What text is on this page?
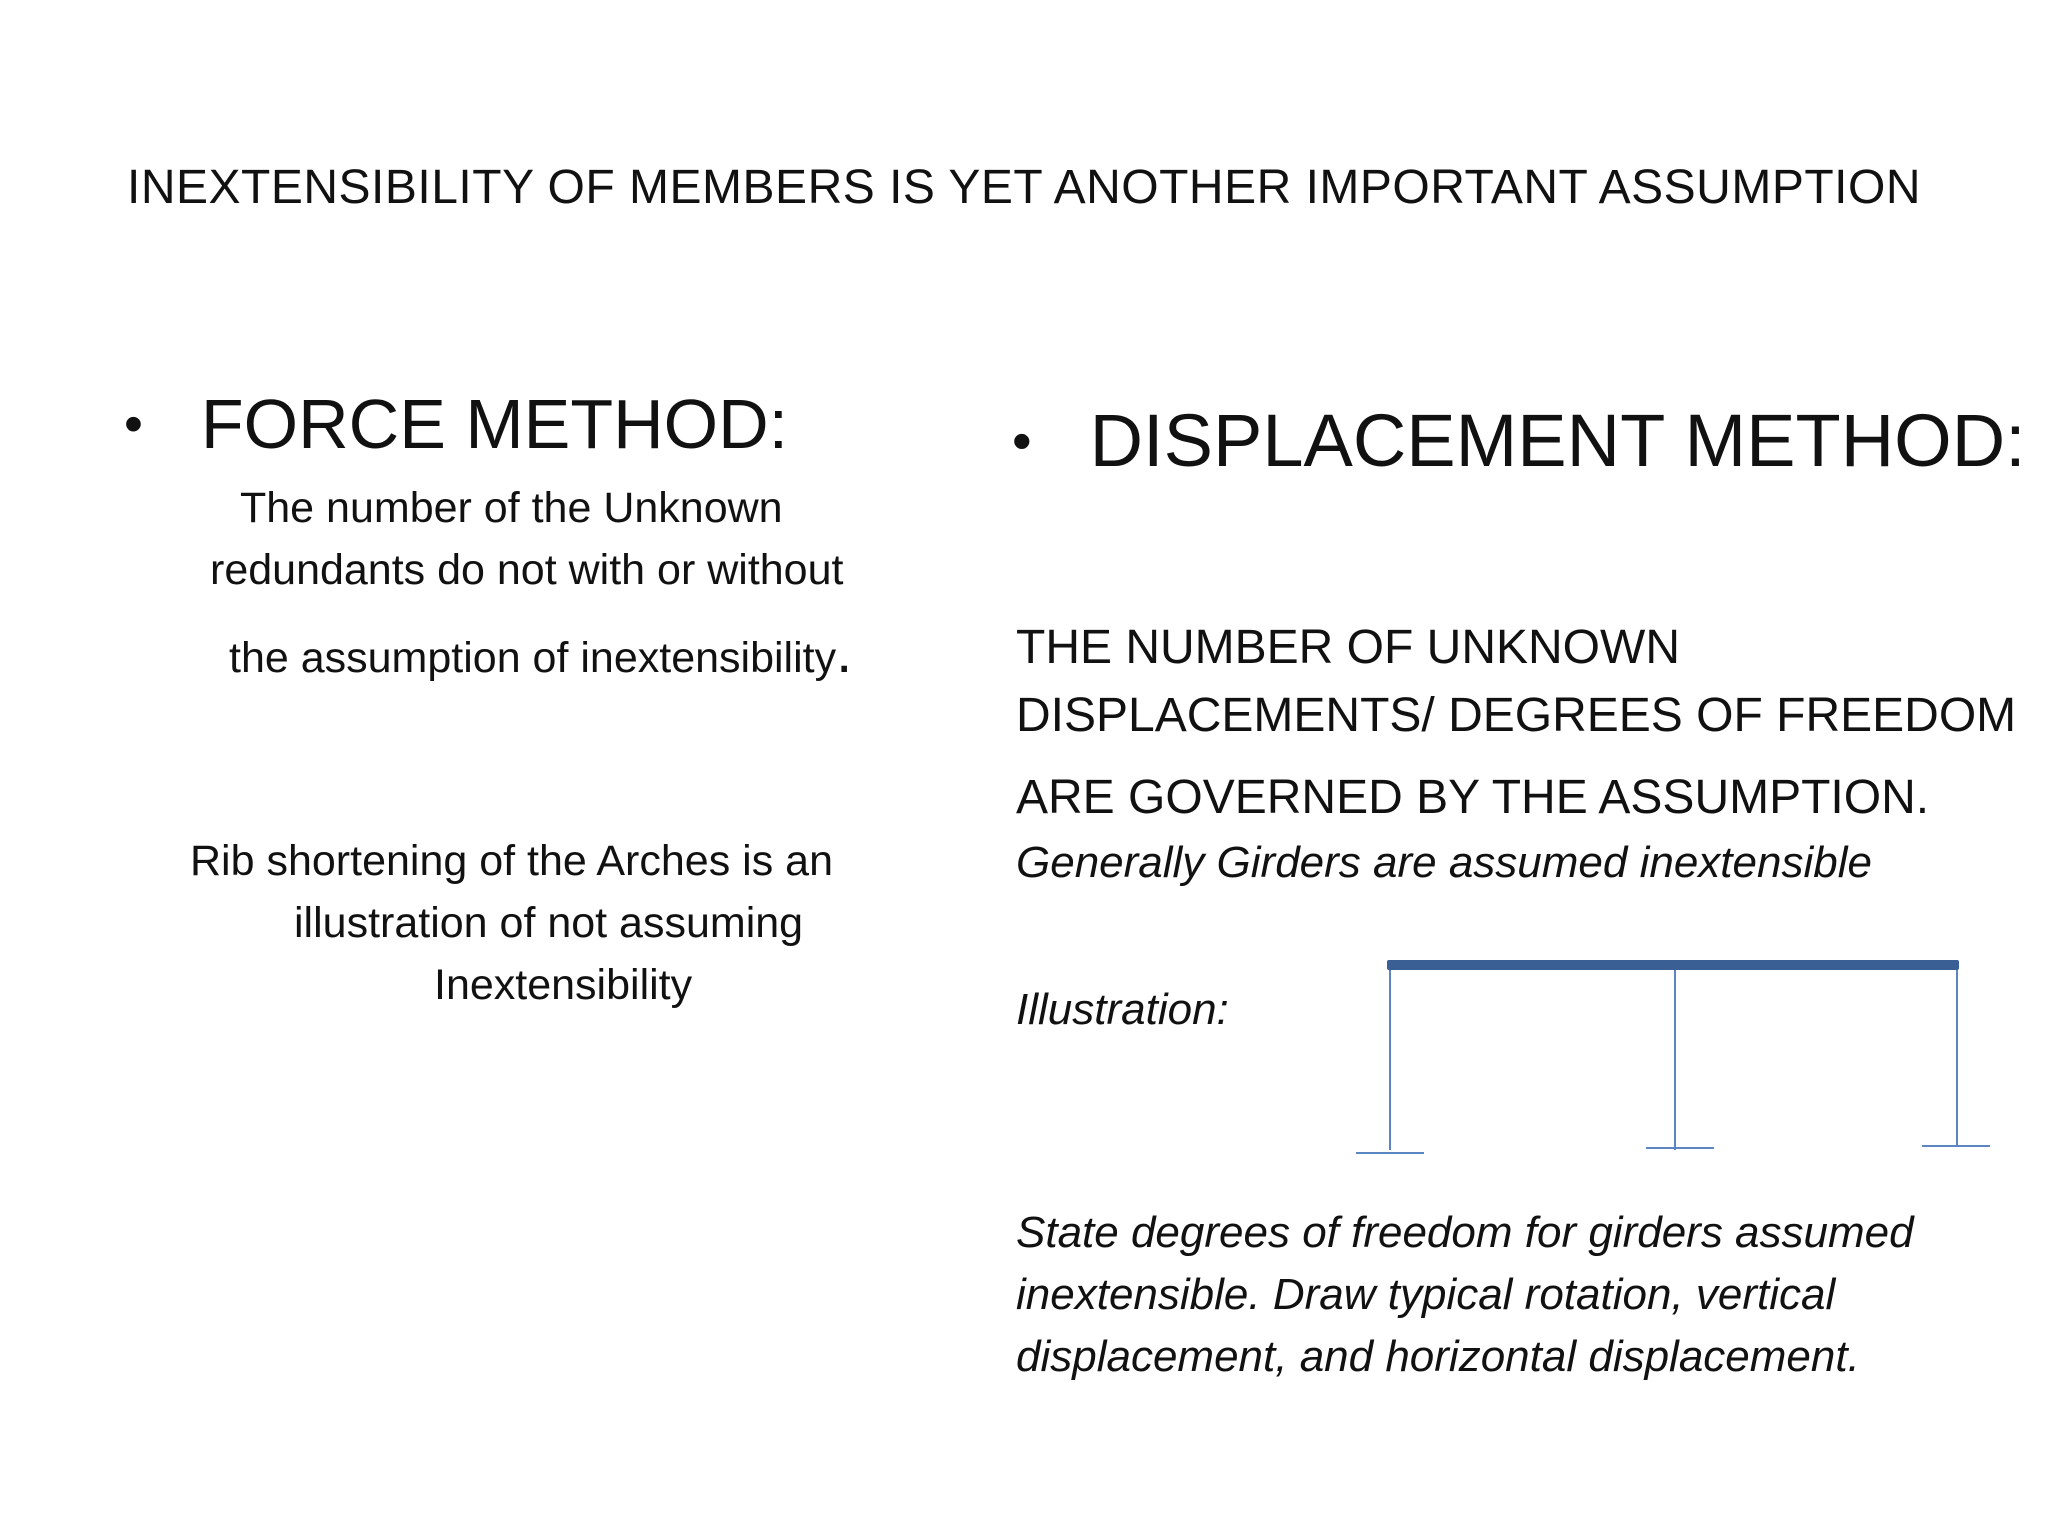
INEXTENSIBILITY OF MEMBERS IS YET ANOTHER IMPORTANT ASSUMPTION
• FORCE METHOD:
The number of the Unknown
redundants do not with or without
the assumption of inextensibility.
Rib shortening of the Arches is an
illustration of not assuming
Inextensibility
• DISPLACEMENT METHOD:
THE NUMBER OF UNKNOWN
DISPLACEMENTS/ DEGREES OF FREEDOM
ARE GOVERNED BY THE ASSUMPTION.
Generally Girders are assumed inextensible
Illustration:
State degrees of freedom for girders assumed
inextensible. Draw typical rotation, vertical
displacement, and horizontal displacement.
